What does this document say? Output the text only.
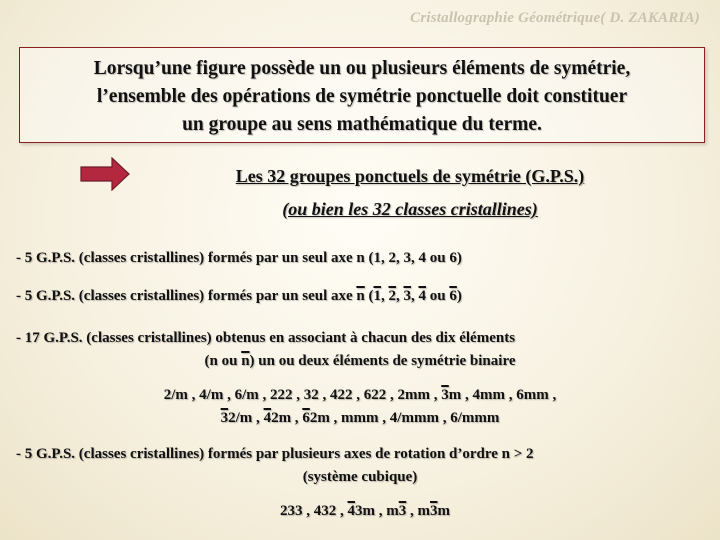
Cristallographie Géométrique( D. ZAKARIA)
Lorsqu’une figure possède un ou plusieurs éléments de symétrie,
l’ensemble des opérations de symétrie ponctuelle doit constituer
un groupe au sens mathématique du terme.
Les 32 groupes ponctuels de symétrie (G.P.S.)
(ou bien les 32 classes cristallines)
- 5 G.P.S. (classes cristallines) formés par un seul axe n (1, 2, 3, 4 ou 6)
- 5 G.P.S. (classes cristallines) formés par un seul axe $\overline{n}$ (1, 2, 3, 4 ou 6)
- 17 G.P.S. (classes cristallines) obtenus en associant à chacun des dix éléments
(n ou $\overline{n}$) un ou deux éléments de symétrie binaire
2/m , 4/m , 6/m , 222 , 32 , 422 , 622 , 2mm , 3m , 4mm , 6mm ,
32/m , 42m , 62m , mmm , 4/mmm , 6/mmm
- 5 G.P.S. (classes cristallines) formés par plusieurs axes de rotation d’ordre n > 2
(système cubique)
233 , 432 , 43m , m3 , m3m
